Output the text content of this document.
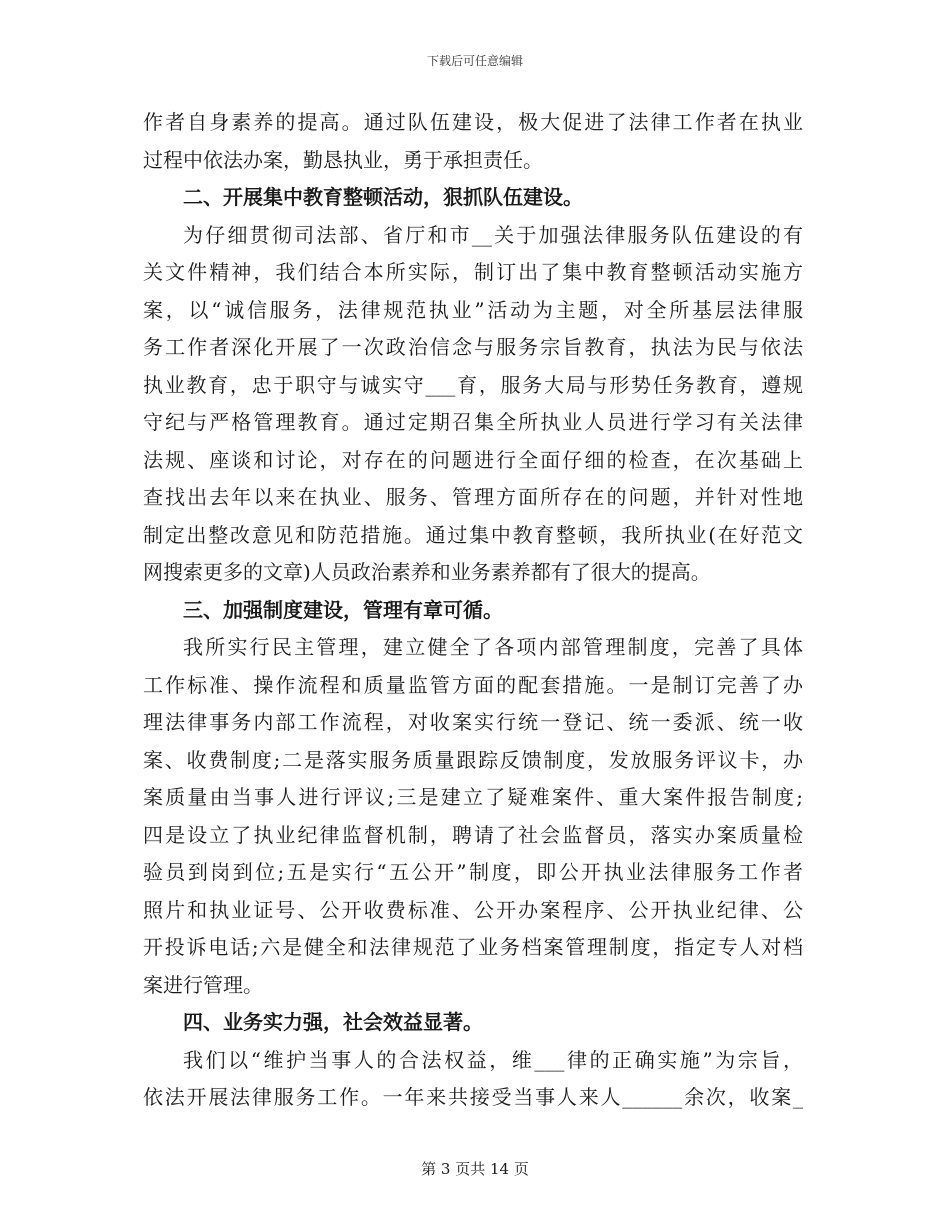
下载后可任意编辑
作者自身素养的提高。通过队伍建设，极大促进了法律工作者在执业
过程中依法办案，勤恳执业，勇于承担责任。
二、开展集中教育整顿活动，狠抓队伍建设。
为仔细贯彻司法部、省厅和市__关于加强法律服务队伍建设的有
关文件精神，我们结合本所实际，制订出了集中教育整顿活动实施方
案，以“诚信服务，法律规范执业”活动为主题，对全所基层法律服
务工作者深化开展了一次政治信念与服务宗旨教育，执法为民与依法
执业教育，忠于职守与诚实守___育，服务大局与形势任务教育，遵规
守纪与严格管理教育。通过定期召集全所执业人员进行学习有关法律
法规、座谈和讨论，对存在的问题进行全面仔细的检查，在次基础上
查找出去年以来在执业、服务、管理方面所存在的问题，并针对性地
制定出整改意见和防范措施。通过集中教育整顿，我所执业(在好范文
网搜索更多的文章)人员政治素养和业务素养都有了很大的提高。
三、加强制度建设，管理有章可循。
我所实行民主管理，建立健全了各项内部管理制度，完善了具体
工作标准、操作流程和质量监管方面的配套措施。一是制订完善了办
理法律事务内部工作流程，对收案实行统一登记、统一委派、统一收
案、收费制度;二是落实服务质量跟踪反馈制度，发放服务评议卡，办
案质量由当事人进行评议;三是建立了疑难案件、重大案件报告制度;
四是设立了执业纪律监督机制，聘请了社会监督员，落实办案质量检
验员到岗到位;五是实行“五公开”制度，即公开执业法律服务工作者
照片和执业证号、公开收费标准、公开办案程序、公开执业纪律、公
开投诉电话;六是健全和法律规范了业务档案管理制度，指定专人对档
案进行管理。
四、业务实力强，社会效益显著。
我们以“维护当事人的合法权益，维___律的正确实施”为宗旨，
依法开展法律服务工作。一年来共接受当事人来人______余次，收案_
第 3 页共 14 页
